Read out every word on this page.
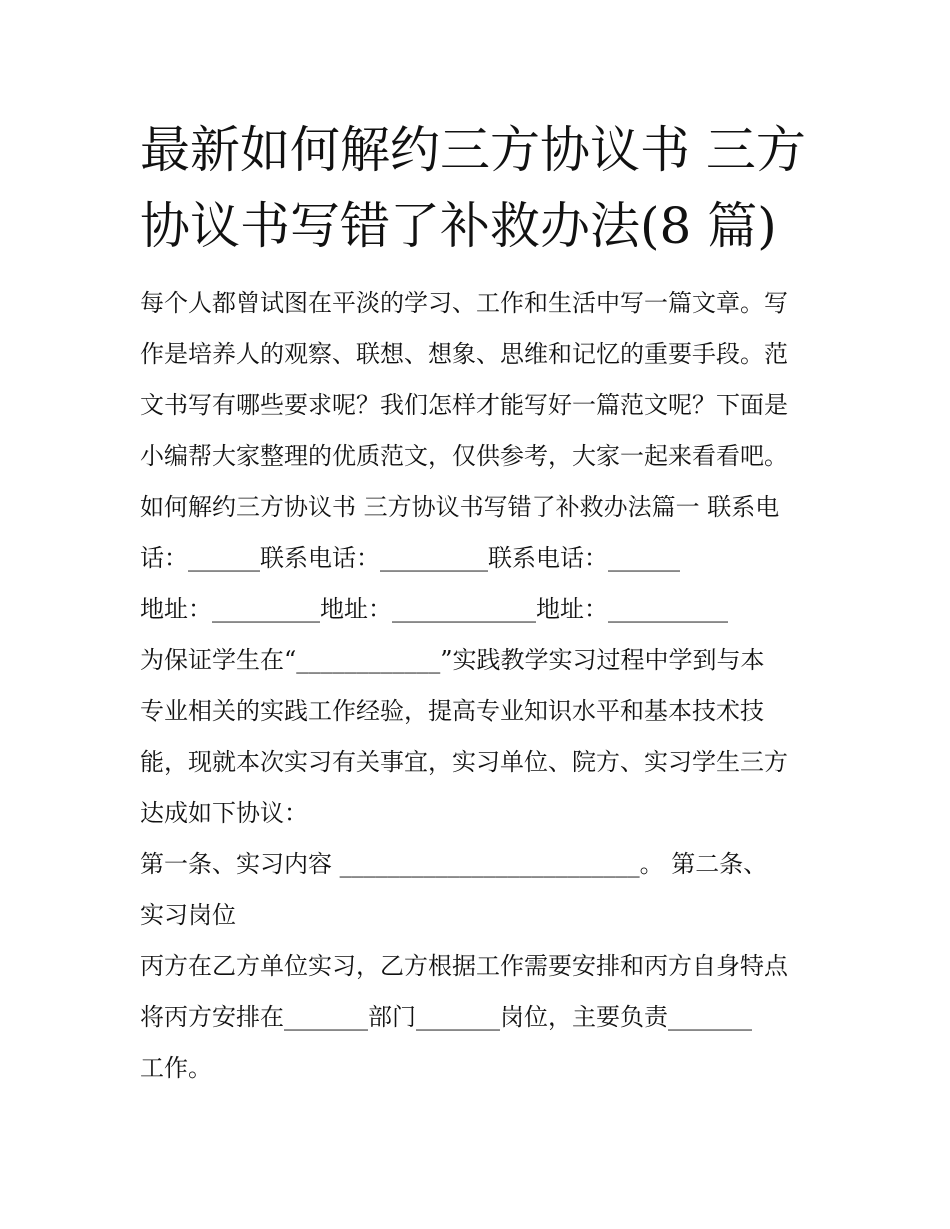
最新如何解约三方协议书 三方
协议书写错了补救办法(8 篇)
每个人都曾试图在平淡的学习、工作和生活中写一篇文章。写
作是培养人的观察、联想、想象、思维和记忆的重要手段。范
文书写有哪些要求呢？我们怎样才能写好一篇范文呢？下面是
小编帮大家整理的优质范文，仅供参考，大家一起来看看吧。
如何解约三方协议书 三方协议书写错了补救办法篇一 联系电
话：______联系电话：_________联系电话：______
地址：_________地址：____________地址：__________
为保证学生在“____________”实践教学实习过程中学到与本
专业相关的实践工作经验，提高专业知识水平和基本技术技
能，现就本次实习有关事宜，实习单位、院方、实习学生三方
达成如下协议：
第一条、实习内容 _________________________。 第二条、
实习岗位
丙方在乙方单位实习，乙方根据工作需要安排和丙方自身特点
将丙方安排在_______部门_______岗位，主要负责_______
工作。
